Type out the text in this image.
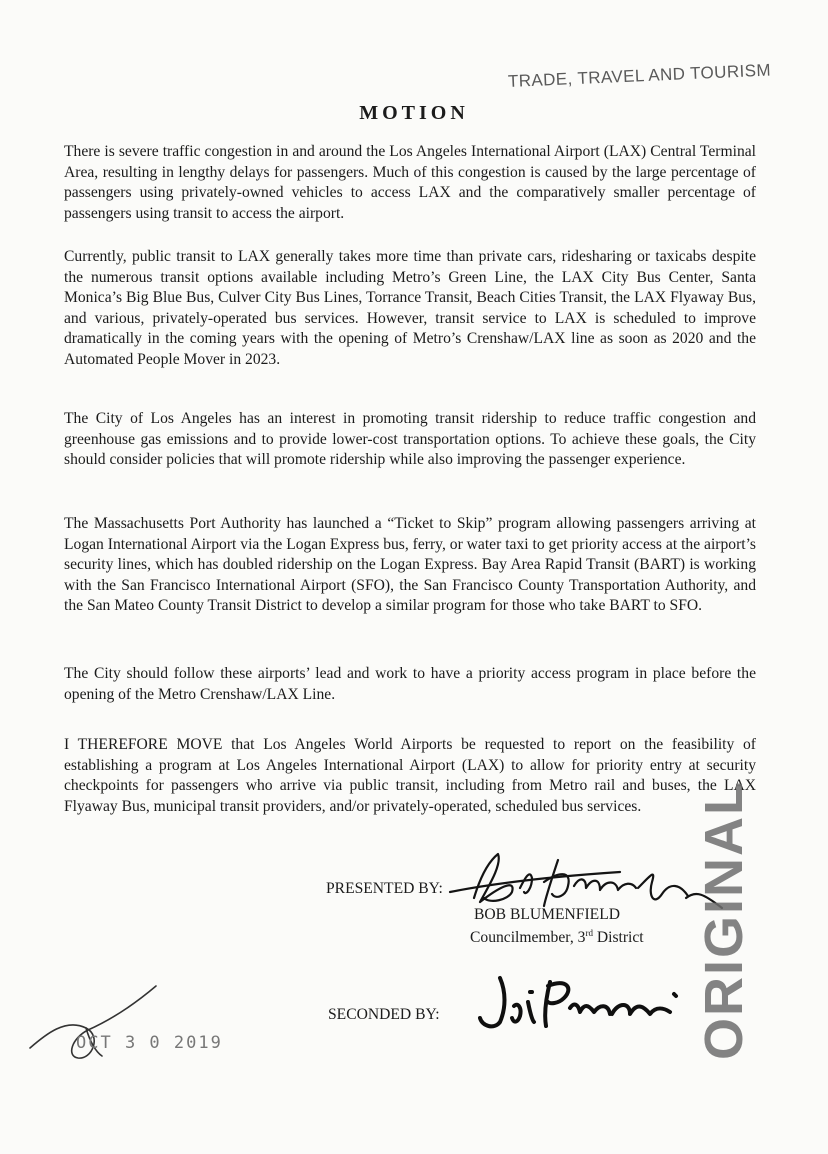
TRADE, TRAVEL AND TOURISM
MOTION

There is severe traffic congestion in and around the Los Angeles International Airport (LAX) Central Terminal Area, resulting in lengthy delays for passengers. Much of this congestion is caused by the large percentage of passengers using privately-owned vehicles to access LAX and the comparatively smaller percentage of passengers using transit to access the airport.

Currently, public transit to LAX generally takes more time than private cars, ridesharing or taxicabs despite the numerous transit options available including Metro’s Green Line, the LAX City Bus Center, Santa Monica’s Big Blue Bus, Culver City Bus Lines, Torrance Transit, Beach Cities Transit, the LAX Flyaway Bus, and various, privately-operated bus services. However, transit service to LAX is scheduled to improve dramatically in the coming years with the opening of Metro’s Crenshaw/LAX line as soon as 2020 and the Automated People Mover in 2023.

The City of Los Angeles has an interest in promoting transit ridership to reduce traffic congestion and greenhouse gas emissions and to provide lower-cost transportation options. To achieve these goals, the City should consider policies that will promote ridership while also improving the passenger experience.

The Massachusetts Port Authority has launched a “Ticket to Skip” program allowing passengers arriving at Logan International Airport via the Logan Express bus, ferry, or water taxi to get priority access at the airport’s security lines, which has doubled ridership on the Logan Express. Bay Area Rapid Transit (BART) is working with the San Francisco International Airport (SFO), the San Francisco County Transportation Authority, and the San Mateo County Transit District to develop a similar program for those who take BART to SFO.

The City should follow these airports’ lead and work to have a priority access program in place before the opening of the Metro Crenshaw/LAX Line.

I THEREFORE MOVE that Los Angeles World Airports be requested to report on the feasibility of establishing a program at Los Angeles International Airport (LAX) to allow for priority entry at security checkpoints for passengers who arrive via public transit, including from Metro rail and buses, the LAX Flyaway Bus, municipal transit providers, and/or privately-operated, scheduled bus services.

PRESENTED BY:
BOB BLUMENFIELD
Councilmember, 3rd District
SECONDED BY:	ORIGINAL
OCT 3 0 2019
